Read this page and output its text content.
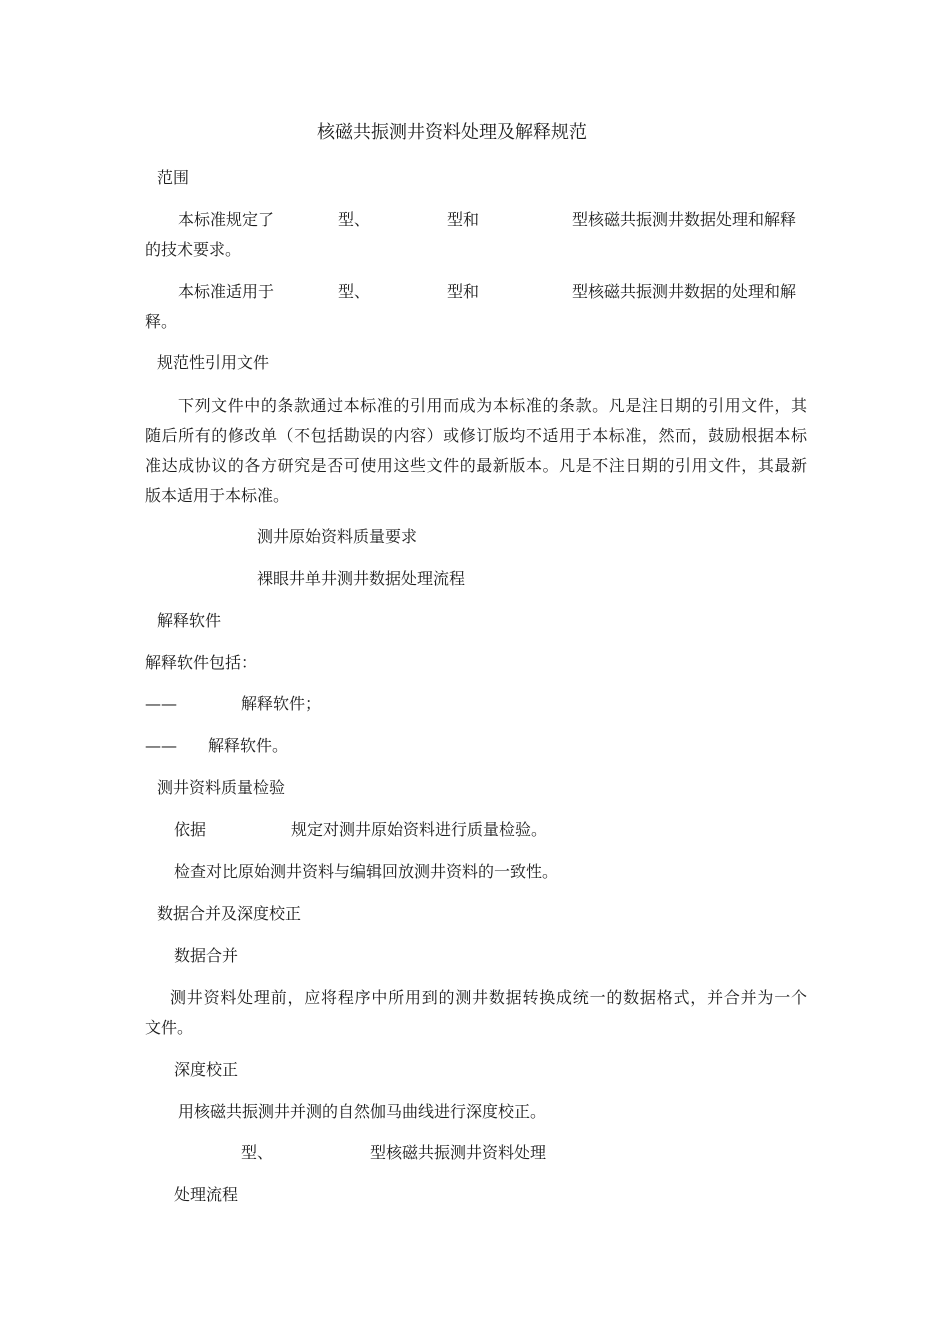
核磁共振测井资料处理及解释规范
范围
本标准规定了	型、	型和	型核磁共振测井数据处理和解释
的技术要求。
本标准适用于	型、	型和	型核磁共振测井数据的处理和解
释。
规范性引用文件
下列文件中的条款通过本标准的引用而成为本标准的条款。凡是注日期的引用文件，其
随后所有的修改单（不包括勘误的内容）或修订版均不适用于本标准，然而，鼓励根据本标
准达成协议的各方研究是否可使用这些文件的最新版本。凡是不注日期的引用文件，其最新
版本适用于本标准。
测井原始资料质量要求
裸眼井单井测井数据处理流程
解释软件
解释软件包括：
——	解释软件；
—— 解释软件。
测井资料质量检验
依据	规定对测井原始资料进行质量检验。
检查对比原始测井资料与编辑回放测井资料的一致性。
数据合并及深度校正
数据合并
测井资料处理前，应将程序中所用到的测井数据转换成统一的数据格式，并合并为一个
文件。
深度校正
用核磁共振测井并测的自然伽马曲线进行深度校正。
型、	型核磁共振测井资料处理
处理流程
